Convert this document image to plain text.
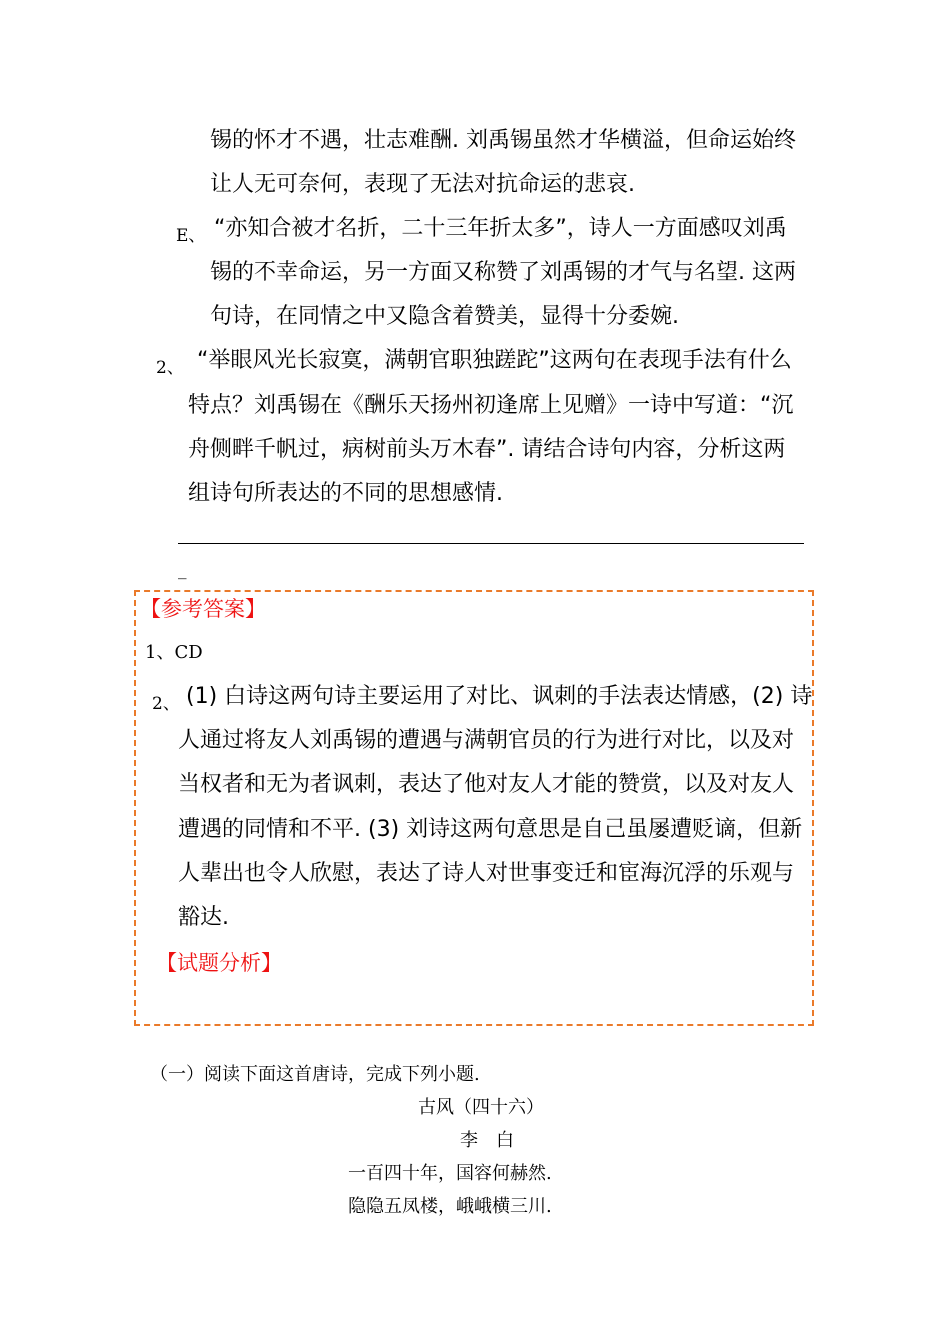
锡的怀才不遇，壮志难酬. 刘禹锡虽然才华横溢，但命运始终
让人无可奈何，表现了无法对抗命运的悲哀.
E、 “亦知合被才名折，二十三年折太多”，诗人一方面感叹刘禹
锡的不幸命运，另一方面又称赞了刘禹锡的才气与名望. 这两
句诗，在同情之中又隐含着赞美，显得十分委婉.
2、 “举眼风光长寂寞，满朝官职独蹉跎”这两句在表现手法有什么
特点？刘禹锡在《酬乐天扬州初逢席上见赠》一诗中写道：“沉
舟侧畔千帆过，病树前头万木春”. 请结合诗句内容，分析这两
组诗句所表达的不同的思想感情.
_
【参考答案】
1、CD
2、 (1) 白诗这两句诗主要运用了对比、讽刺的手法表达情感，(2) 诗
人通过将友人刘禹锡的遭遇与满朝官员的行为进行对比，以及对
当权者和无为者讽刺，表达了他对友人才能的赞赏，以及对友人
遭遇的同情和不平. (3) 刘诗这两句意思是自己虽屡遭贬谪，但新
人辈出也令人欣慰，表达了诗人对世事变迁和宦海沉浮的乐观与
豁达.
【试题分析】
（一）阅读下面这首唐诗，完成下列小题.
古风（四十六）
李　白
一百四十年，国容何赫然.
隐隐五凤楼，峨峨横三川.
